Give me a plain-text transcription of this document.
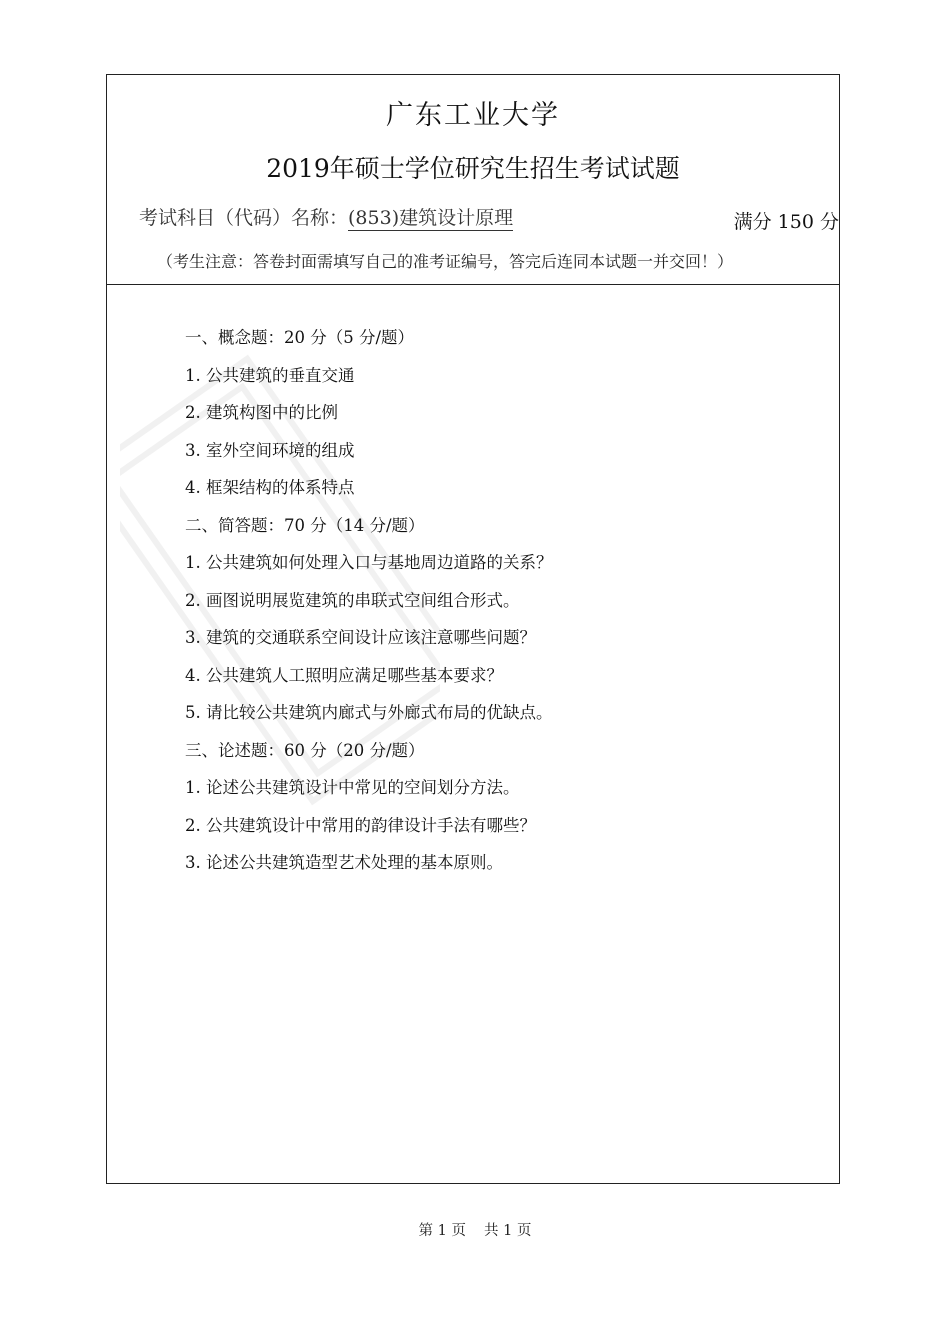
广东工业大学
2019年硕士学位研究生招生考试试题
考试科目（代码）名称：(853)建筑设计原理	满分 150 分
（考生注意：答卷封面需填写自己的准考证编号，答完后连同本试题一并交回！）
一、概念题：20 分（5 分/题）
1. 公共建筑的垂直交通
2. 建筑构图中的比例
3. 室外空间环境的组成
4. 框架结构的体系特点
二、简答题：70 分（14 分/题）
1. 公共建筑如何处理入口与基地周边道路的关系？
2. 画图说明展览建筑的串联式空间组合形式。
3. 建筑的交通联系空间设计应该注意哪些问题？
4. 公共建筑人工照明应满足哪些基本要求？
5. 请比较公共建筑内廊式与外廊式布局的优缺点。
三、论述题：60 分（20 分/题）
1. 论述公共建筑设计中常见的空间划分方法。
2. 公共建筑设计中常用的韵律设计手法有哪些？
3. 论述公共建筑造型艺术处理的基本原则。
第 1 页 共 1 页
